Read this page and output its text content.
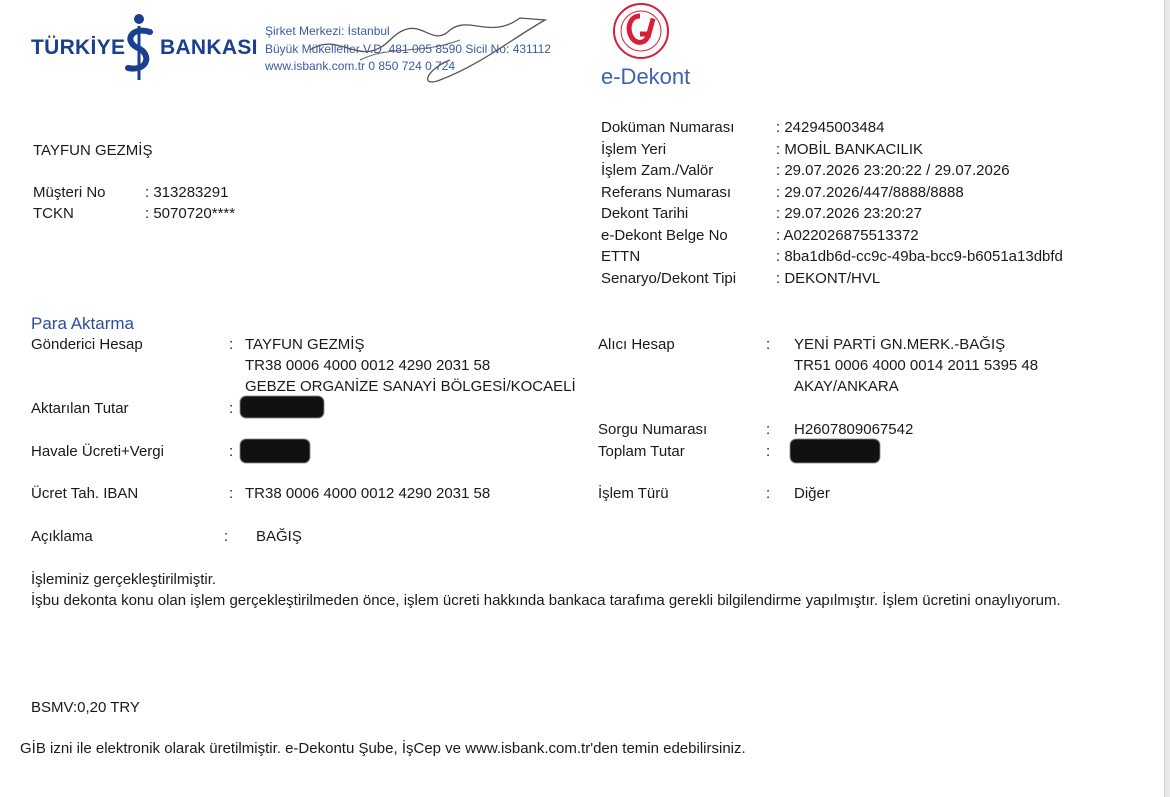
TÜRKİYE BANKASI
Şirket Merkezi: İstanbul
Büyük Mükellefler V.D. 481 005 8590 Sicil No: 431112
www.isbank.com.tr 0 850 724 0 724	e-Dekont
TAYFUN GEZMİŞ
Müşteri No	: 313283291
TCKN	: 5070720****
Doküman Numarası	: 242945003484
İşlem Yeri	: MOBİL BANKACILIK
İşlem Zam./Valör	: 29.07.2026 23:20:22 / 29.07.2026
Referans Numarası	: 29.07.2026/447/8888/8888
Dekont Tarihi	: 29.07.2026 23:20:27
e-Dekont Belge No	: A022026875513372
ETTN	: 8ba1db6d-cc9c-49ba-bcc9-b6051a13dbfd
Senaryo/Dekont Tipi	: DEKONT/HVL
Para Aktarma
Gönderici Hesap	: TAYFUN GEZMİŞ
TR38 0006 4000 0012 4290 2031 58
GEBZE ORGANİZE SANAYİ BÖLGESİ/KOCAELİ
Alıcı Hesap	: YENİ PARTİ GN.MERK.-BAĞIŞ
TR51 0006 4000 0014 2011 5395 48
AKAY/ANKARA
Aktarılan Tutar	:
Sorgu Numarası	: H2607809067542
Havale Ücreti+Vergi	:	Toplam Tutar	:
Ücret Tah. IBAN	: TR38 0006 4000 0012 4290 2031 58	İşlem Türü	: Diğer
Açıklama	: BAĞIŞ
İşleminiz gerçekleştirilmiştir.
İşbu dekonta konu olan işlem gerçekleştirilmeden önce, işlem ücreti hakkında bankaca tarafıma gerekli bilgilendirme yapılmıştır. İşlem ücretini onaylıyorum.
BSMV:0,20 TRY
GİB izni ile elektronik olarak üretilmiştir. e-Dekontu Şube, İşCep ve www.isbank.com.tr'den temin edebilirsiniz.
